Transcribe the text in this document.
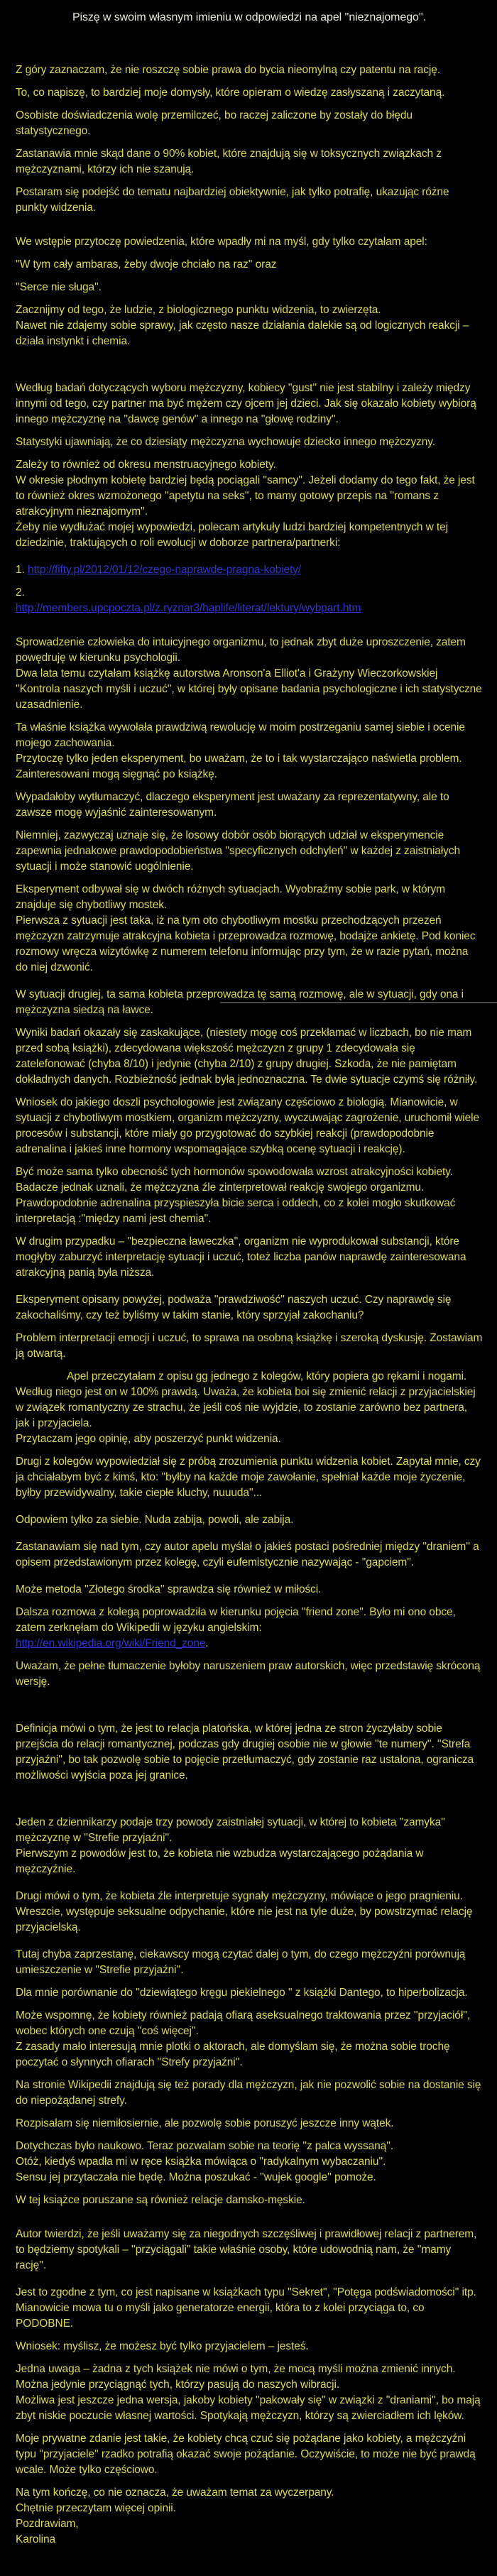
Piszę w swoim własnym imieniu w odpowiedzi na apel ''nieznajomego''.

Z góry zaznaczam, że nie roszczę sobie prawa do bycia nieomylną czy patentu na rację.

To, co napiszę, to bardziej moje domysły, które opieram o wiedzę zasłyszaną i zaczytaną.

Osobiste doświadczenia wolę przemilczeć, bo raczej zaliczone by zostały do błędu statystycznego.

Zastanawia mnie skąd dane o 90% kobiet, które znajdują się w toksycznych związkach z mężczyznami, którzy ich nie szanują.

Postaram się podejść do tematu najbardziej obiektywnie, jak tylko potrafię, ukazując różne punkty widzenia.

We wstępie przytoczę powiedzenia, które wpadły mi na myśl, gdy tylko czytałam apel:

''W tym cały ambaras, żeby dwoje chciało na raz'' oraz

''Serce nie sługa''.

Zacznijmy od tego, że ludzie, z biologicznego punktu widzenia, to zwierzęta.

Nawet nie zdajemy sobie sprawy, jak często nasze działania dalekie są od logicznych reakcji – działa instynkt i chemia.

Według badań dotyczących wyboru mężczyzny, kobiecy ''gust'' nie jest stabilny i zależy między innymi od tego, czy partner ma być mężem czy ojcem jej dzieci. Jak się okazało kobiety wybiorą innego mężczyznę na ''dawcę genów'' a innego na ''głowę rodziny''.

Statystyki ujawniają, że co dziesiąty mężczyzna wychowuje dziecko innego mężczyzny.

Zależy to również od okresu menstruacyjnego kobiety.

W okresie płodnym kobietę bardziej będą pociągali ''samcy''. Jeżeli dodamy do tego fakt, że jest to również okres wzmożonego ''apetytu na seks'', to mamy gotowy przepis na ''romans z atrakcyjnym nieznajomym''.

Żeby nie wydłużać mojej wypowiedzi, polecam artykuły ludzi bardziej kompetentnych w tej dziedzinie, traktujących o roli ewolucji w doborze partnera/partnerki:

1. http://fifty.pl/2012/01/12/czego-naprawde-pragna-kobiety/

2.

http://members.upcpoczta.pl/z.ryznar3/haplife/literat/lektury/wybpart.htm

Sprowadzenie człowieka do intuicyjnego organizmu, to jednak zbyt duże uproszczenie, zatem powędruję w kierunku psychologii.

Dwa lata temu czytałam książkę autorstwa Aronson'a Elliot'a i Grażyny Wieczorkowskiej ''Kontrola naszych myśli i uczuć'', w której były opisane badania psychologiczne i ich statystyczne uzasadnienie.

Ta właśnie książka wywołała prawdziwą rewolucję w moim postrzeganiu samej siebie i ocenie mojego zachowania.

Przytoczę tylko jeden eksperyment, bo uważam, że to i tak wystarczająco naświetla problem. Zainteresowani mogą sięgnąć po książkę.

Wypadałoby wytłumaczyć, dlaczego eksperyment jest uważany za reprezentatywny, ale to zawsze mogę wyjaśnić zainteresowanym.

Niemniej, zazwyczaj uznaje się, że losowy dobór osób biorących udział w eksperymencie zapewnia jednakowe prawdopodobieństwa ''specyficznych odchyleń'' w każdej z zaistniałych sytuacji i może stanowić uogólnienie.

Eksperyment odbywał się w dwóch różnych sytuacjach. Wyobraźmy sobie park, w którym znajduje się chybotliwy mostek.

Pierwsza z sytuacji jest taka, iż na tym oto chybotliwym mostku przechodzących przezeń mężczyzn zatrzymuje atrakcyjna kobieta i przeprowadza rozmowę, bodajże ankietę. Pod koniec rozmowy wręcza wizytówkę z numerem telefonu informując przy tym, że w razie pytań, można do niej dzwonić.

W sytuacji drugiej, ta sama kobieta przeprowadza tę samą rozmowę, ale w sytuacji, gdy ona i mężczyzna siedzą na ławce.

Wyniki badań okazały się zaskakujące, (niestety mogę coś przekłamać w liczbach, bo nie mam przed sobą książki), zdecydowana większość mężczyzn z grupy 1 zdecydowała się zatelefonować (chyba 8/10) i jedynie (chyba 2/10) z grupy drugiej. Szkoda, że nie pamiętam dokładnych danych. Rozbieżność jednak była jednoznaczna. Te dwie sytuacje czymś się różniły.

Wniosek do jakiego doszli psychologowie jest związany częściowo z biologią. Mianowicie, w sytuacji z chybotliwym mostkiem, organizm mężczyzny, wyczuwając zagrożenie, uruchomił wiele procesów i substancji, które miały go przygotować do szybkiej reakcji (prawdopodobnie adrenalina i jakieś inne hormony wspomagające szybką ocenę sytuacji i reakcję).

Być może sama tylko obecność tych hormonów spowodowała wzrost atrakcyjności kobiety. Badacze jednak uznali, że mężczyzna źle zinterpretował reakcję swojego organizmu. Prawdopodobnie adrenalina przyspieszyła bicie serca i oddech, co z kolei mogło skutkować interpretacją :''między nami jest chemia''.

W drugim przypadku – ''bezpieczna ławeczka'', organizm nie wyprodukował substancji, które mogłyby zaburzyć interpretację sytuacji i uczuć, toteż liczba panów naprawdę zainteresowana atrakcyjną panią była niższa.

Eksperyment opisany powyżej, podważa ''prawdziwość'' naszych uczuć. Czy naprawdę się zakochaliśmy, czy też byliśmy w takim stanie, który sprzyjał zakochaniu?

Problem interpretacji emocji i uczuć, to sprawa na osobną książkę i szeroką dyskusję. Zostawiam ją otwartą.

Apel przeczytałam z opisu gg jednego z kolegów, który popiera go rękami i nogami. Według niego jest on w 100% prawdą. Uważa, że kobieta boi się zmienić relacji z przyjacielskiej w związek romantyczny ze strachu, że jeśli coś nie wyjdzie, to zostanie zarówno bez partnera, jak i przyjaciela.

Przytaczam jego opinię, aby poszerzyć punkt widzenia.

Drugi z kolegów wypowiedział się z próbą zrozumienia punktu widzenia kobiet. Zapytał mnie, czy ja chciałabym być z kimś, kto: ''byłby na każde moje zawołanie, spełniał każde moje życzenie, byłby przewidywalny, takie ciepłe kluchy, nuuuda''...

Odpowiem tylko za siebie. Nuda zabija, powoli, ale zabija.

Zastanawiam się nad tym, czy autor apelu myślał o jakieś postaci pośredniej między ''draniem'' a opisem przedstawionym przez kolegę, czyli eufemistycznie nazywając - ''gapciem''.

Może metoda ''Złotego środka'' sprawdza się również w miłości.

Dalsza rozmowa z kolegą poprowadziła w kierunku pojęcia ''friend zone''. Było mi ono obce, zatem zerknęłam do Wikipedii w języku angielskim:

http://en.wikipedia.org/wiki/Friend_zone.

Uważam, że pełne tłumaczenie byłoby naruszeniem praw autorskich, więc przedstawię skróconą wersję.

Definicja mówi o tym, że jest to relacja platońska, w której jedna ze stron życzyłaby sobie przejścia do relacji romantycznej, podczas gdy drugiej osobie nie w głowie ''te numery''. ''Strefa przyjaźni'', bo tak pozwolę sobie to pojęcie przetłumaczyć, gdy zostanie raz ustalona, ogranicza możliwości wyjścia poza jej granice.

Jeden z dziennikarzy podaje trzy powody zaistniałej sytuacji, w której to kobieta ''zamyka'' mężczyznę w ''Strefie przyjaźni''.

Pierwszym z powodów jest to, że kobieta nie wzbudza wystarczającego pożądania w mężczyźnie.

Drugi mówi o tym, że kobieta źle interpretuje sygnały mężczyzny, mówiące o jego pragnieniu.

Wreszcie, występuje seksualne odpychanie, które nie jest na tyle duże, by powstrzymać relację przyjacielską.

Tutaj chyba zaprzestanę, ciekawscy mogą czytać dalej o tym, do czego mężczyźni porównują umieszczenie w ''Strefie przyjaźni''.

Dla mnie porównanie do ''dziewiątego kręgu piekielnego '' z książki Dantego, to hiperbolizacja.

Może wspomnę, że kobiety również padają ofiarą aseksualnego traktowania przez ''przyjaciół'', wobec których one czują ''coś więcej''.

Z zasady mało interesują mnie plotki o aktorach, ale domyślam się, że można sobie trochę poczytać o słynnych ofiarach ''Strefy przyjaźni''.

Na stronie Wikipedii znajdują się też porady dla mężczyzn, jak nie pozwolić sobie na dostanie się do niepożądanej strefy.

Rozpisałam się niemiłosiernie, ale pozwolę sobie poruszyć jeszcze inny wątek.

Dotychczas było naukowo. Teraz pozwalam sobie na teorię ''z palca wyssaną''.

Otóż, kiedyś wpadła mi w ręce książka mówiąca o ''radykalnym wybaczaniu''.

Sensu jej przytaczała nie będę. Można poszukać - ''wujek google'' pomoże.

W tej książce poruszane są również relacje damsko-męskie.

Autor twierdzi, że jeśli uważamy się za niegodnych szczęśliwej i prawidłowej relacji z partnerem, to będziemy spotykali – ''przyciągali'' takie właśnie osoby, które udowodnią nam, że ''mamy rację''.

Jest to zgodne z tym, co jest napisane w książkach typu ''Sekret'', ''Potęga podświadomości'' itp. Mianowicie mowa tu o myśli jako generatorze energii, która to z kolei przyciąga to, co PODOBNE.

Wniosek: myślisz, że możesz być tylko przyjacielem – jesteś.

Jedna uwaga – żadna z tych książek nie mówi o tym, że mocą myśli można zmienić innych. Można jedynie przyciągnąć tych, którzy pasują do naszych wibracji.

Możliwa jest jeszcze jedna wersja, jakoby kobiety ''pakowały się'' w związki z ''draniami'', bo mają zbyt niskie poczucie własnej wartości. Spotykają mężczyzn, którzy są zwierciadłem ich lęków.

Moje prywatne zdanie jest takie, że kobiety chcą czuć się pożądane jako kobiety, a mężczyźni typu ''przyjaciele'' rzadko potrafią okazać swoje pożądanie. Oczywiście, to może nie być prawdą wcale. Może tylko częściowo.

Na tym kończę, co nie oznacza, że uważam temat za wyczerpany.

Chętnie przeczytam więcej opinii.

Pozdrawiam,

Karolina
